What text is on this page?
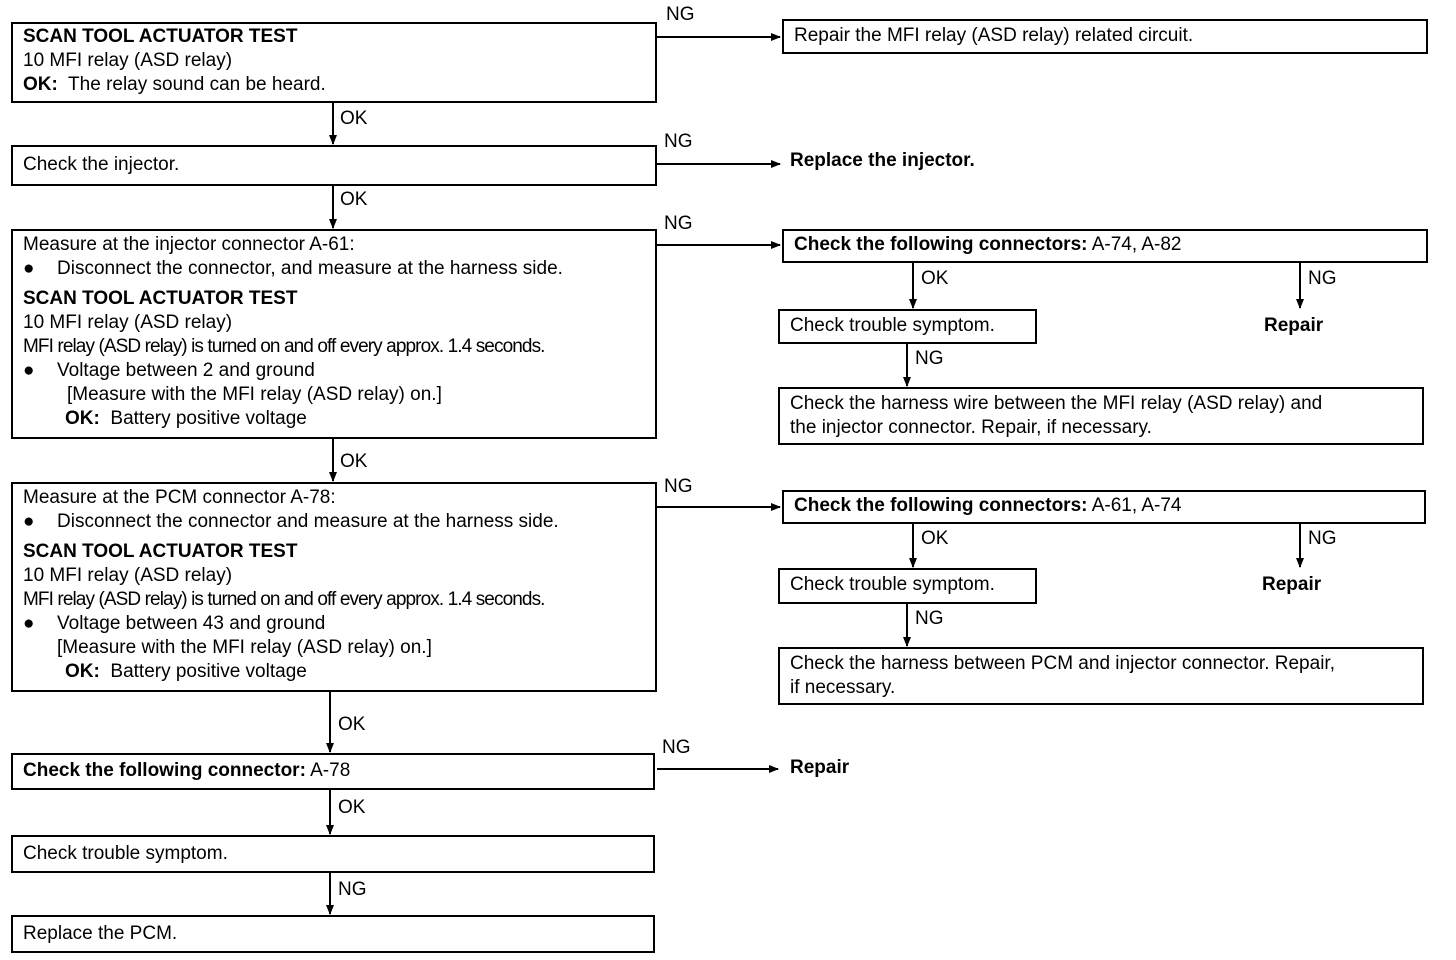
OK
OK
OK
OK
OK
NG
NG
NG
NG
NG
NG
OK	NG
NG
OK	NG
NG
SCAN TOOL ACTUATOR TEST
10 MFI relay (ASD relay)
OK: The relay sound can be heard.
Repair the MFI relay (ASD relay) related circuit.
Check the injector.	Replace the injector.
Measure at the injector connector A-61:
● Disconnect the connector, and measure at the harness side.
SCAN TOOL ACTUATOR TEST
10 MFI relay (ASD relay)
MFI relay (ASD relay) is turned on and off every approx. 1.4 seconds.
● Voltage between 2 and ground
[Measure with the MFI relay (ASD relay) on.]
OK: Battery positive voltage
Check the following connectors: A-74, A-82
Check trouble symptom.	Repair
Check the harness wire between the MFI relay (ASD relay) and
the injector connector. Repair, if necessary.
Measure at the PCM connector A-78:
● Disconnect the connector and measure at the harness side.
SCAN TOOL ACTUATOR TEST
10 MFI relay (ASD relay)
MFI relay (ASD relay) is turned on and off every approx. 1.4 seconds.
● Voltage between 43 and ground
[Measure with the MFI relay (ASD relay) on.]
OK: Battery positive voltage
Check the following connectors: A-61, A-74
Check trouble symptom.	Repair
Check the harness between PCM and injector connector. Repair,
if necessary.
Check the following connector: A-78	Repair
Check trouble symptom.
Replace the PCM.
